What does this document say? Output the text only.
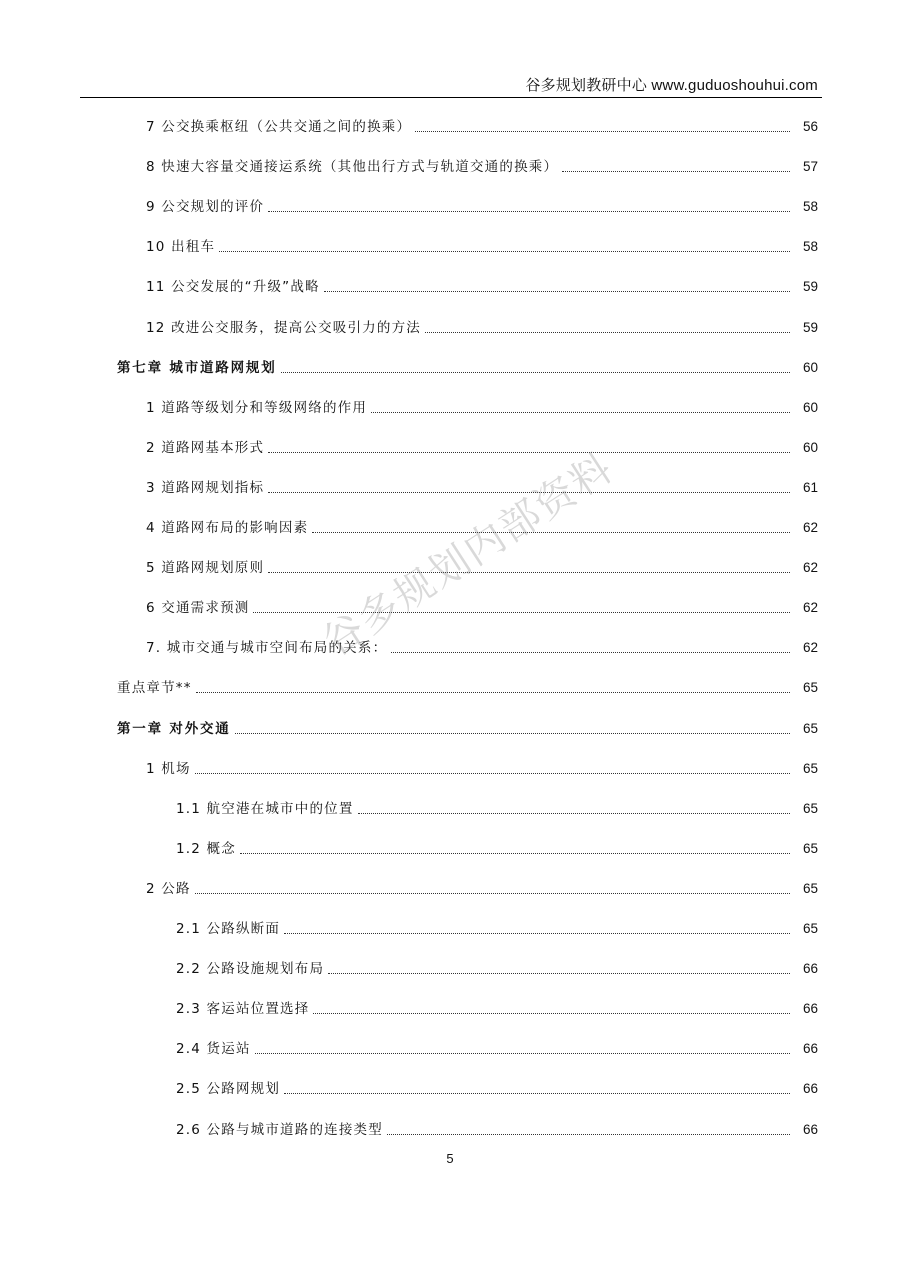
谷多规划教研中心 www.guduoshouhui.com
7 公交换乘枢纽（公共交通之间的换乘）	56
8 快速大容量交通接运系统（其他出行方式与轨道交通的换乘）	57
9 公交规划的评价	58
10 出租车	58
11 公交发展的“升级”战略	59
12 改进公交服务，提高公交吸引力的方法	59
第七章 城市道路网规划	60
1 道路等级划分和等级网络的作用	60
2 道路网基本形式	60
3 道路网规划指标	61
4 道路网布局的影响因素	62
5 道路网规划原则	62
6 交通需求预测	62
7. 城市交通与城市空间布局的关系：	62
重点章节**	65
第一章 对外交通	65
1 机场	65
1.1 航空港在城市中的位置	65
1.2 概念	65
2 公路	65
2.1 公路纵断面	65
2.2 公路设施规划布局	66
2.3 客运站位置选择	66
2.4 货运站	66
2.5 公路网规划	66
2.6 公路与城市道路的连接类型	66
谷多规划内部资料
5
